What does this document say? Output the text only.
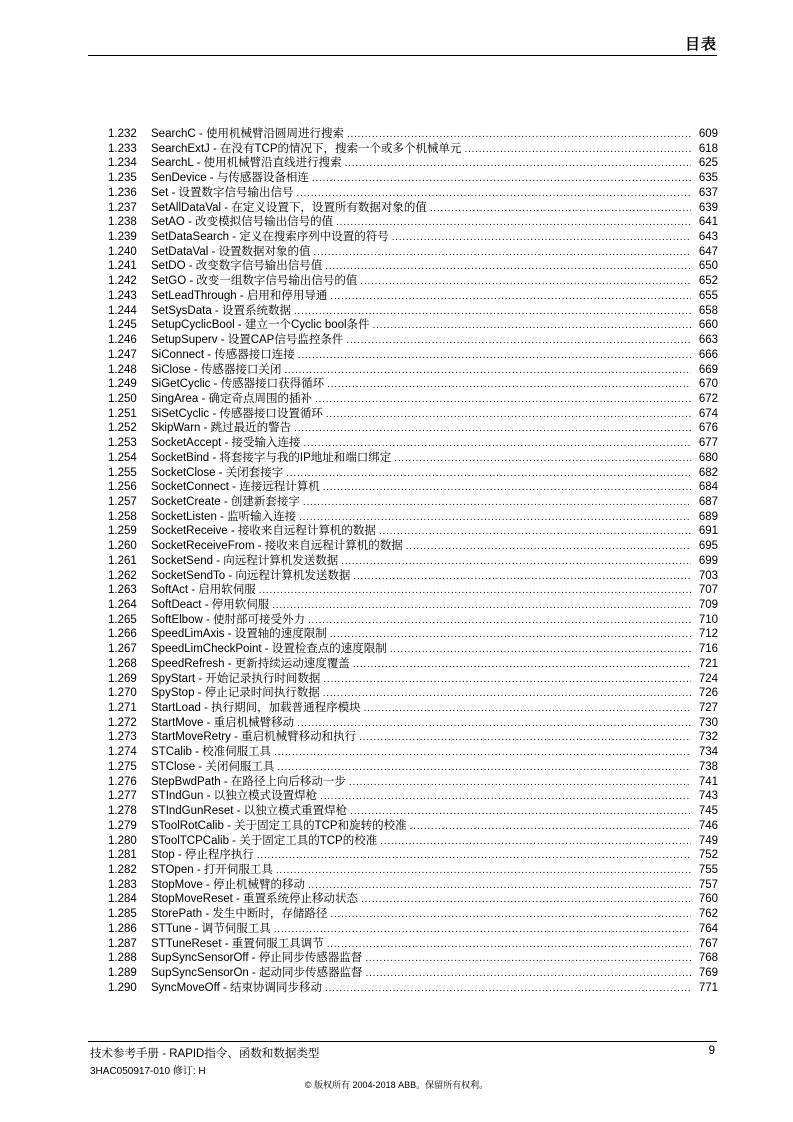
目表
1.232	SearchC - 使用机械臂沿圆周进行搜索 . . .	609
1.233	SearchExtJ - 在没有TCP的情况下，搜索一个或多个机械单元 . . .	618
1.234	SearchL - 使用机械臂沿直线进行搜索 . . .	625
1.235	SenDevice - 与传感器设备相连 . . .	635
1.236	Set - 设置数字信号输出信号 . . .	637
1.237	SetAllDataVal - 在定义设置下，设置所有数据对象的值 . . .	639
1.238	SetAO - 改变模拟信号输出信号的值 . . .	641
1.239	SetDataSearch - 定义在搜索序列中设置的符号 . . .	643
1.240	SetDataVal - 设置数据对象的值 . . .	647
1.241	SetDO - 改变数字信号输出信号值 . . .	650
1.242	SetGO - 改变一组数字信号输出信号的值 . . .	652
1.243	SetLeadThrough - 启用和停用导通 . . .	655
1.244	SetSysData - 设置系统数据 . . .	658
1.245	SetupCyclicBool - 建立一个Cyclic bool条件 . . .	660
1.246	SetupSuperv - 设置CAP信号监控条件 . . .	663
1.247	SiConnect - 传感器接口连接 . . .	666
1.248	SiClose - 传感器接口关闭 . . .	669
1.249	SiGetCyclic - 传感器接口获得循环 . . .	670
1.250	SingArea - 确定奇点周围的插补 . . .	672
1.251	SiSetCyclic - 传感器接口设置循环 . . .	674
1.252	SkipWarn - 跳过最近的警告 . . .	676
1.253	SocketAccept - 接受输入连接 . . .	677
1.254	SocketBind - 将套接字与我的IP地址和端口绑定 . . .	680
1.255	SocketClose - 关闭套接字 . . .	682
1.256	SocketConnect - 连接远程计算机 . . .	684
1.257	SocketCreate - 创建新套接字 . . .	687
1.258	SocketListen - 监听输入连接 . . .	689
1.259	SocketReceive - 接收来自远程计算机的数据 . . .	691
1.260	SocketReceiveFrom - 接收来自远程计算机的数据 . . .	695
1.261	SocketSend - 向远程计算机发送数据 . . .	699
1.262	SocketSendTo - 向远程计算机发送数据 . . .	703
1.263	SoftAct - 启用软伺服 . . .	707
1.264	SoftDeact - 停用软伺服 . . .	709
1.265	SoftElbow - 使肘部可接受外力 . . .	710
1.266	SpeedLimAxis - 设置轴的速度限制 . . .	712
1.267	SpeedLimCheckPoint - 设置检查点的速度限制 . . .	716
1.268	SpeedRefresh - 更新持续运动速度覆盖 . . .	721
1.269	SpyStart - 开始记录执行时间数据 . . .	724
1.270	SpyStop - 停止记录时间执行数据 . . .	726
1.271	StartLoad - 执行期间，加载普通程序模块 . . .	727
1.272	StartMove - 重启机械臂移动 . . .	730
1.273	StartMoveRetry - 重启机械臂移动和执行 . . .	732
1.274	STCalib - 校准伺服工具 . . .	734
1.275	STClose - 关闭伺服工具 . . .	738
1.276	StepBwdPath - 在路径上向后移动一步 . . .	741
1.277	STIndGun - 以独立模式设置焊枪 . . .	743
1.278	STIndGunReset - 以独立模式重置焊枪 . . .	745
1.279	SToolRotCalib - 关于固定工具的TCP和旋转的校准 . . .	746
1.280	SToolTCPCalib - 关于固定工具的TCP的校准 . . .	749
1.281	Stop - 停止程序执行 . . .	752
1.282	STOpen - 打开伺服工具 . . .	755
1.283	StopMove - 停止机械臂的移动 . . .	757
1.284	StopMoveReset - 重置系统停止移动状态 . . .	760
1.285	StorePath - 发生中断时，存储路径 . . .	762
1.286	STTune - 调节伺服工具 . . .	764
1.287	STTuneReset - 重置伺服工具调节 . . .	767
1.288	SupSyncSensorOff - 停止同步传感器监督 . . .	768
1.289	SupSyncSensorOn - 起动同步传感器监督 . . .	769
1.290	SyncMoveOff - 结束协调同步移动 . . .	771
技术参考手册 - RAPID指令、函数和数据类型
3HAC050917-010 修订: H
9
© 版权所有 2004-2018 ABB。保留所有权利。
